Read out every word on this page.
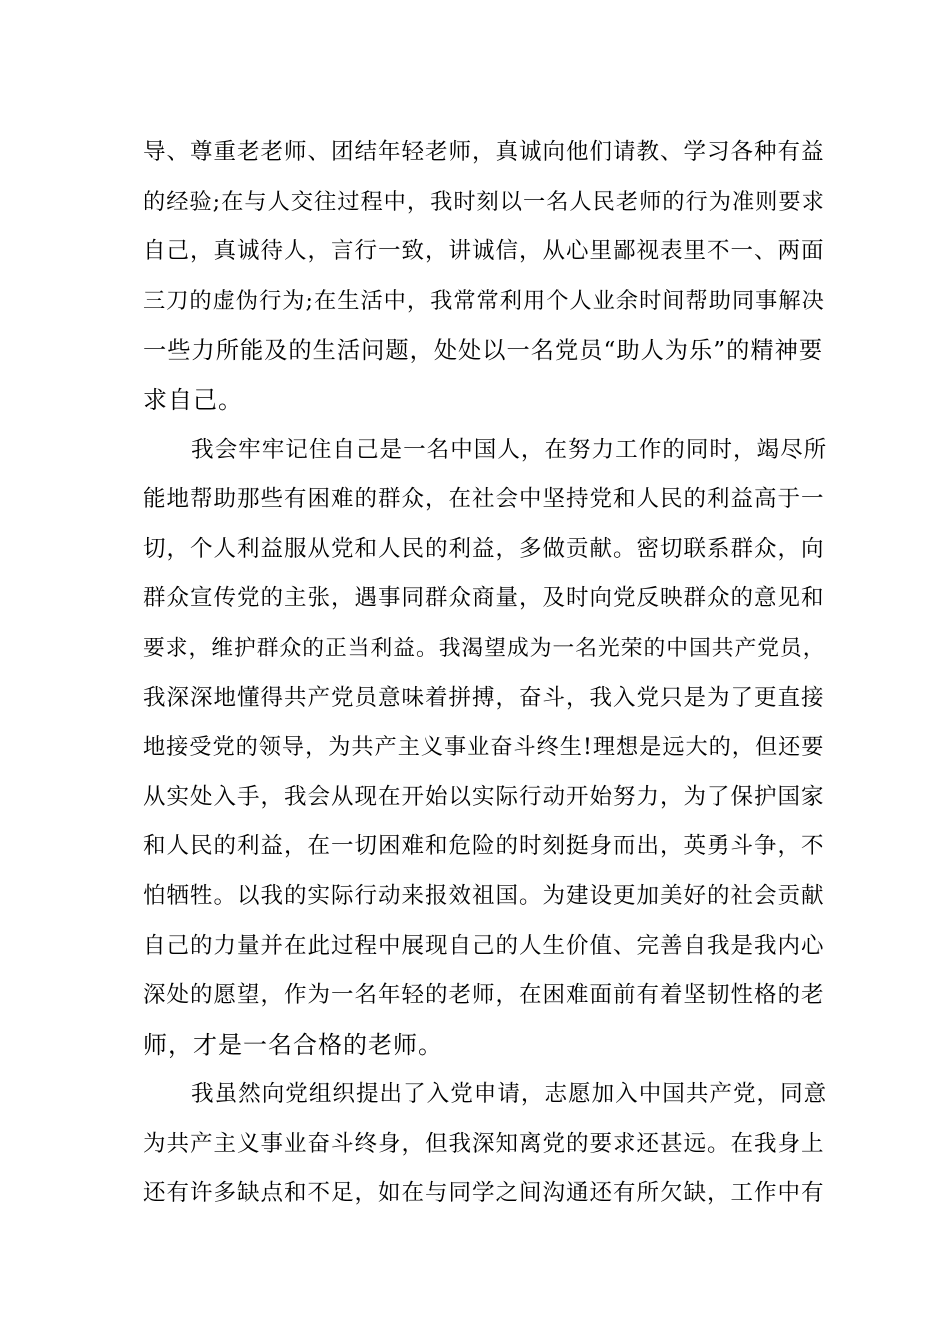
导、尊重老老师、团结年轻老师，真诚向他们请教、学习各种有益
的经验;在与人交往过程中，我时刻以一名人民老师的行为准则要求
自己，真诚待人，言行一致，讲诚信，从心里鄙视表里不一、两面
三刀的虚伪行为;在生活中，我常常利用个人业余时间帮助同事解决
一些力所能及的生活问题，处处以一名党员“助人为乐”的精神要
求自己。
我会牢牢记住自己是一名中国人，在努力工作的同时，竭尽所
能地帮助那些有困难的群众，在社会中坚持党和人民的利益高于一
切，个人利益服从党和人民的利益，多做贡献。密切联系群众，向
群众宣传党的主张，遇事同群众商量，及时向党反映群众的意见和
要求，维护群众的正当利益。我渴望成为一名光荣的中国共产党员，
我深深地懂得共产党员意味着拼搏，奋斗，我入党只是为了更直接
地接受党的领导，为共产主义事业奋斗终生!理想是远大的，但还要
从实处入手，我会从现在开始以实际行动开始努力，为了保护国家
和人民的利益，在一切困难和危险的时刻挺身而出，英勇斗争，不
怕牺牲。以我的实际行动来报效祖国。为建设更加美好的社会贡献
自己的力量并在此过程中展现自己的人生价值、完善自我是我内心
深处的愿望，作为一名年轻的老师，在困难面前有着坚韧性格的老
师，才是一名合格的老师。
我虽然向党组织提出了入党申请，志愿加入中国共产党，同意
为共产主义事业奋斗终身，但我深知离党的要求还甚远。在我身上
还有许多缺点和不足，如在与同学之间沟通还有所欠缺，工作中有
